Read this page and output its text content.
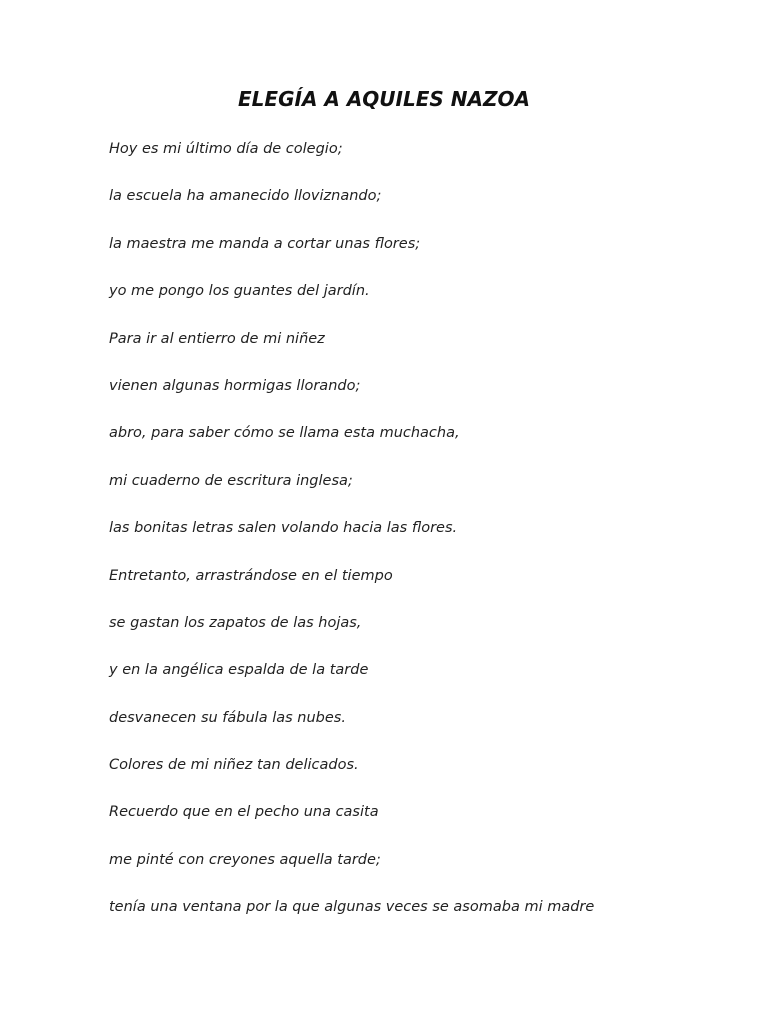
ELEGÍA A AQUILES NAZOA
Hoy es mi último día de colegio;
la escuela ha amanecido lloviznando;
la maestra me manda a cortar unas flores;
yo me pongo los guantes del jardín.
Para ir al entierro de mi niñez
vienen algunas hormigas llorando;
abro, para saber cómo se llama esta muchacha,
mi cuaderno de escritura inglesa;
las bonitas letras salen volando hacia las flores.
Entretanto, arrastrándose en el tiempo
se gastan los zapatos de las hojas,
y en la angélica espalda de la tarde
desvanecen su fábula las nubes.
Colores de mi niñez tan delicados.
Recuerdo que en el pecho una casita
me pinté con creyones aquella tarde;
tenía una ventana por la que algunas veces se asomaba mi madre
